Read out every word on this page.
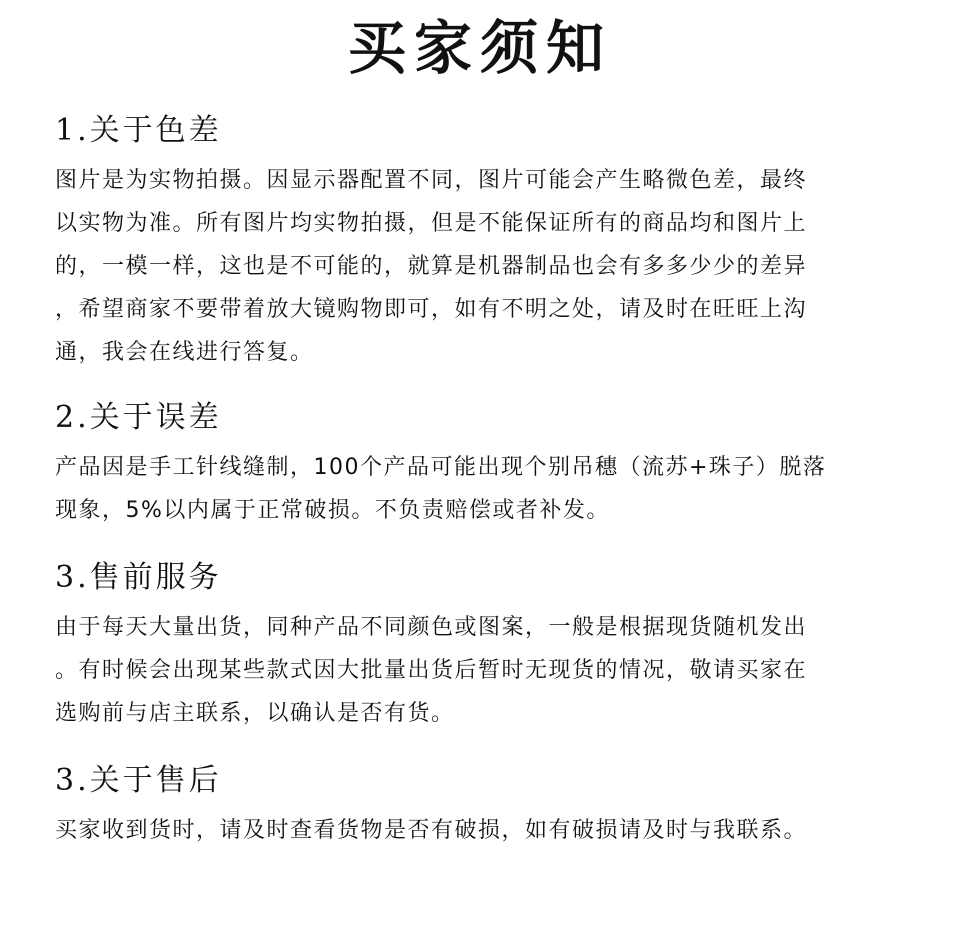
买家须知
1.关于色差
图片是为实物拍摄。因显示器配置不同，图片可能会产生略微色差，最终
以实物为准。所有图片均实物拍摄，但是不能保证所有的商品均和图片上
的，一模一样，这也是不可能的，就算是机器制品也会有多多少少的差异
，希望商家不要带着放大镜购物即可，如有不明之处，请及时在旺旺上沟
通，我会在线进行答复。
2.关于误差
产品因是手工针线缝制，100个产品可能出现个别吊穗（流苏+珠子）脱落
现象，5%以内属于正常破损。不负责赔偿或者补发。
3.售前服务
由于每天大量出货，同种产品不同颜色或图案，一般是根据现货随机发出
。有时候会出现某些款式因大批量出货后暂时无现货的情况，敬请买家在
选购前与店主联系，以确认是否有货。
3.关于售后
买家收到货时，请及时查看货物是否有破损，如有破损请及时与我联系。
